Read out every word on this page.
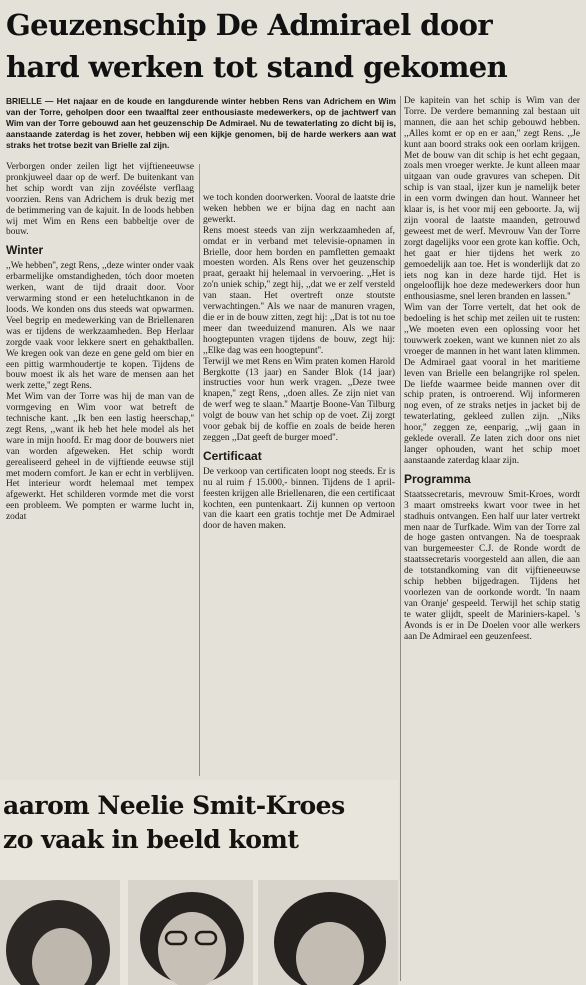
Geuzenschip De Admirael door
hard werken tot stand gekomen
BRIELLE — Het najaar en de koude en langdurende winter hebben Rens van Adrichem en Wim van der Torre, geholpen door een twaalftal zeer enthousiaste medewerkers, op de jachtwerf van Wim van der Torre gebouwd aan het geuzenschip De Admirael. Nu de tewaterlating zo dicht bij is, aanstaande zaterdag is het zover, hebben wij een kijkje genomen, bij de harde werkers aan wat straks het trotse bezit van Brielle zal zijn.

Verborgen onder zeilen ligt het vijftieneeuwse pronkjuweel daar op de werf. De buitenkant van het schip wordt van zijn zovéélste verflaag voorzien. Rens van Adrichem is druk bezig met de betimmering van de kajuit. In de loods hebben wij met Wim en Rens een babbeltje over de bouw.

Winter

,,We hebben'', zegt Rens, ,,deze winter onder vaak erbarmelijke omstandigheden, tóch door moeten werken, want de tijd draait door. Voor verwarming stond er een heteluchtkanon in de loods. We konden ons dus steeds wat opwarmen. Veel begrip en medewerking van de Briellenaren was er tijdens de werkzaamheden. Bep Herlaar zorgde vaak voor lekkere snert en gehaktballen. We kregen ook van deze en gene geld om bier en een pittig warmhoudertje te kopen. Tijdens de bouw moest ik als het ware de mensen aan het werk zette,'' zegt Rens.

Met Wim van der Torre was hij de man van de vormgeving en Wim voor wat betreft de technische kant. ,,Ik ben een lastig heerschap,'' zegt Rens, ,,want ik heb het hele model als het ware in mijn hoofd. Er mag door de bouwers niet van worden afgeweken. Het schip wordt gerealiseerd geheel in de vijftiende eeuwse stijl met modern comfort. Je kan er echt in verblijven. Het interieur wordt helemaal met tempex afgewerkt. Het schilderen vormde met die vorst een probleem. We pompten er warme lucht in, zodat

we toch konden doorwerken. Vooral de laatste drie weken hebben we er bijna dag en nacht aan gewerkt.

Rens moest steeds van zijn werkzaamheden af, omdat er in verband met televisie-opnamen in Brielle, door hem borden en pamfletten gemaakt moesten worden. Als Rens over het geuzenschip praat, geraakt hij helemaal in vervoering. ,,Het is zo'n uniek schip,'' zegt hij, ,,dat we er zelf versteld van staan. Het overtreft onze stoutste verwachtingen.'' Als we naar de manuren vragen, die er in de bouw zitten, zegt hij: ,,Dat is tot nu toe meer dan tweeduizend manuren. Als we naar hoogtepunten vragen tijdens de bouw, zegt hij: ,,Elke dag was een hoogtepunt''.

Terwijl we met Rens en Wim praten komen Harold Bergkotte (13 jaar) en Sander Blok (14 jaar) instructies voor hun werk vragen. ,,Deze twee knapen,'' zegt Rens, ,,doen alles. Ze zijn niet van de werf weg te slaan.'' Maartje Boone-Van Tilburg volgt de bouw van het schip op de voet. Zij zorgt voor gebak bij de koffie en zoals de beide heren zeggen ,,Dat geeft de burger moed''.

Certificaat

De verkoop van certificaten loopt nog steeds. Er is nu al ruim ƒ 15.000,- binnen. Tijdens de 1 april-feesten krijgen alle Briellenaren, die een certificaat kochten, een puntenkaart. Zij kunnen op vertoon van die kaart een gratis tochtje met De Admirael door de haven maken.

De kapitein van het schip is Wim van der Torre. De verdere bemanning zal bestaan uit mannen, die aan het schip gebouwd hebben. ,,Alles komt er op en er aan,'' zegt Rens. ,,Je kunt aan boord straks ook een oorlam krijgen. Met de bouw van dit schip is het echt gegaan, zoals men vroeger werkte. Je kunt alleen maar uitgaan van oude gravures van schepen. Dit schip is van staal, ijzer kun je namelijk beter in een vorm dwingen dan hout. Wanneer het klaar is, is het voor mij een geboorte. Ja, wij zijn vooral de laatste maanden, getrouwd geweest met de werf. Mevrouw Van der Torre zorgt dagelijks voor een grote kan koffie. Och, het gaat er hier tijdens het werk zo gemoedelijk aan toe. Het is wonderlijk dat zo iets nog kan in deze harde tijd. Het is ongelooflijk hoe deze medewerkers door hun enthousiasme, snel leren branden en lassen.''

Wim van der Torre vertelt, dat het ook de bedoeling is het schip met zeilen uit te rusten: ,,We moeten even een oplossing voor het touwwerk zoeken, want we kunnen niet zo als vroeger de mannen in het want laten klimmen. De Admirael gaat vooral in het maritieme leven van Brielle een belangrijke rol spelen. De liefde waarmee beide mannen over dit schip praten, is ontroerend. Wij informeren nog even, of ze straks netjes in jacket bij de tewaterlating, gekleed zullen zijn. ,,Niks hoor,'' zeggen ze, eenparig, ,,wij gaan in geklede overall. Ze laten zich door ons niet langer ophouden, want het schip moet aanstaande zaterdag klaar zijn.

Programma

Staatssecretaris, mevrouw Smit-Kroes, wordt 3 maart omstreeks kwart voor twee in het stadhuis ontvangen. Een half uur later vertrekt men naar de Turfkade. Wim van der Torre zal de hoge gasten ontvangen. Na de toespraak van burgemeester C.J. de Ronde wordt de staatssecretaris voorgesteld aan allen, die aan de totstandkoming van dit vijftieneeuwse schip hebben bijgedragen. Tijdens het voorlezen van de oorkonde wordt. 'In naam van Oranje' gespeeld. Terwijl het schip statig te water glijdt, speelt de Mariniers-kapel. 's Avonds is er in De Doelen voor alle werkers aan De Admirael een geuzenfeest.

aarom Neelie Smit-Kroes
zo vaak in beeld komt
